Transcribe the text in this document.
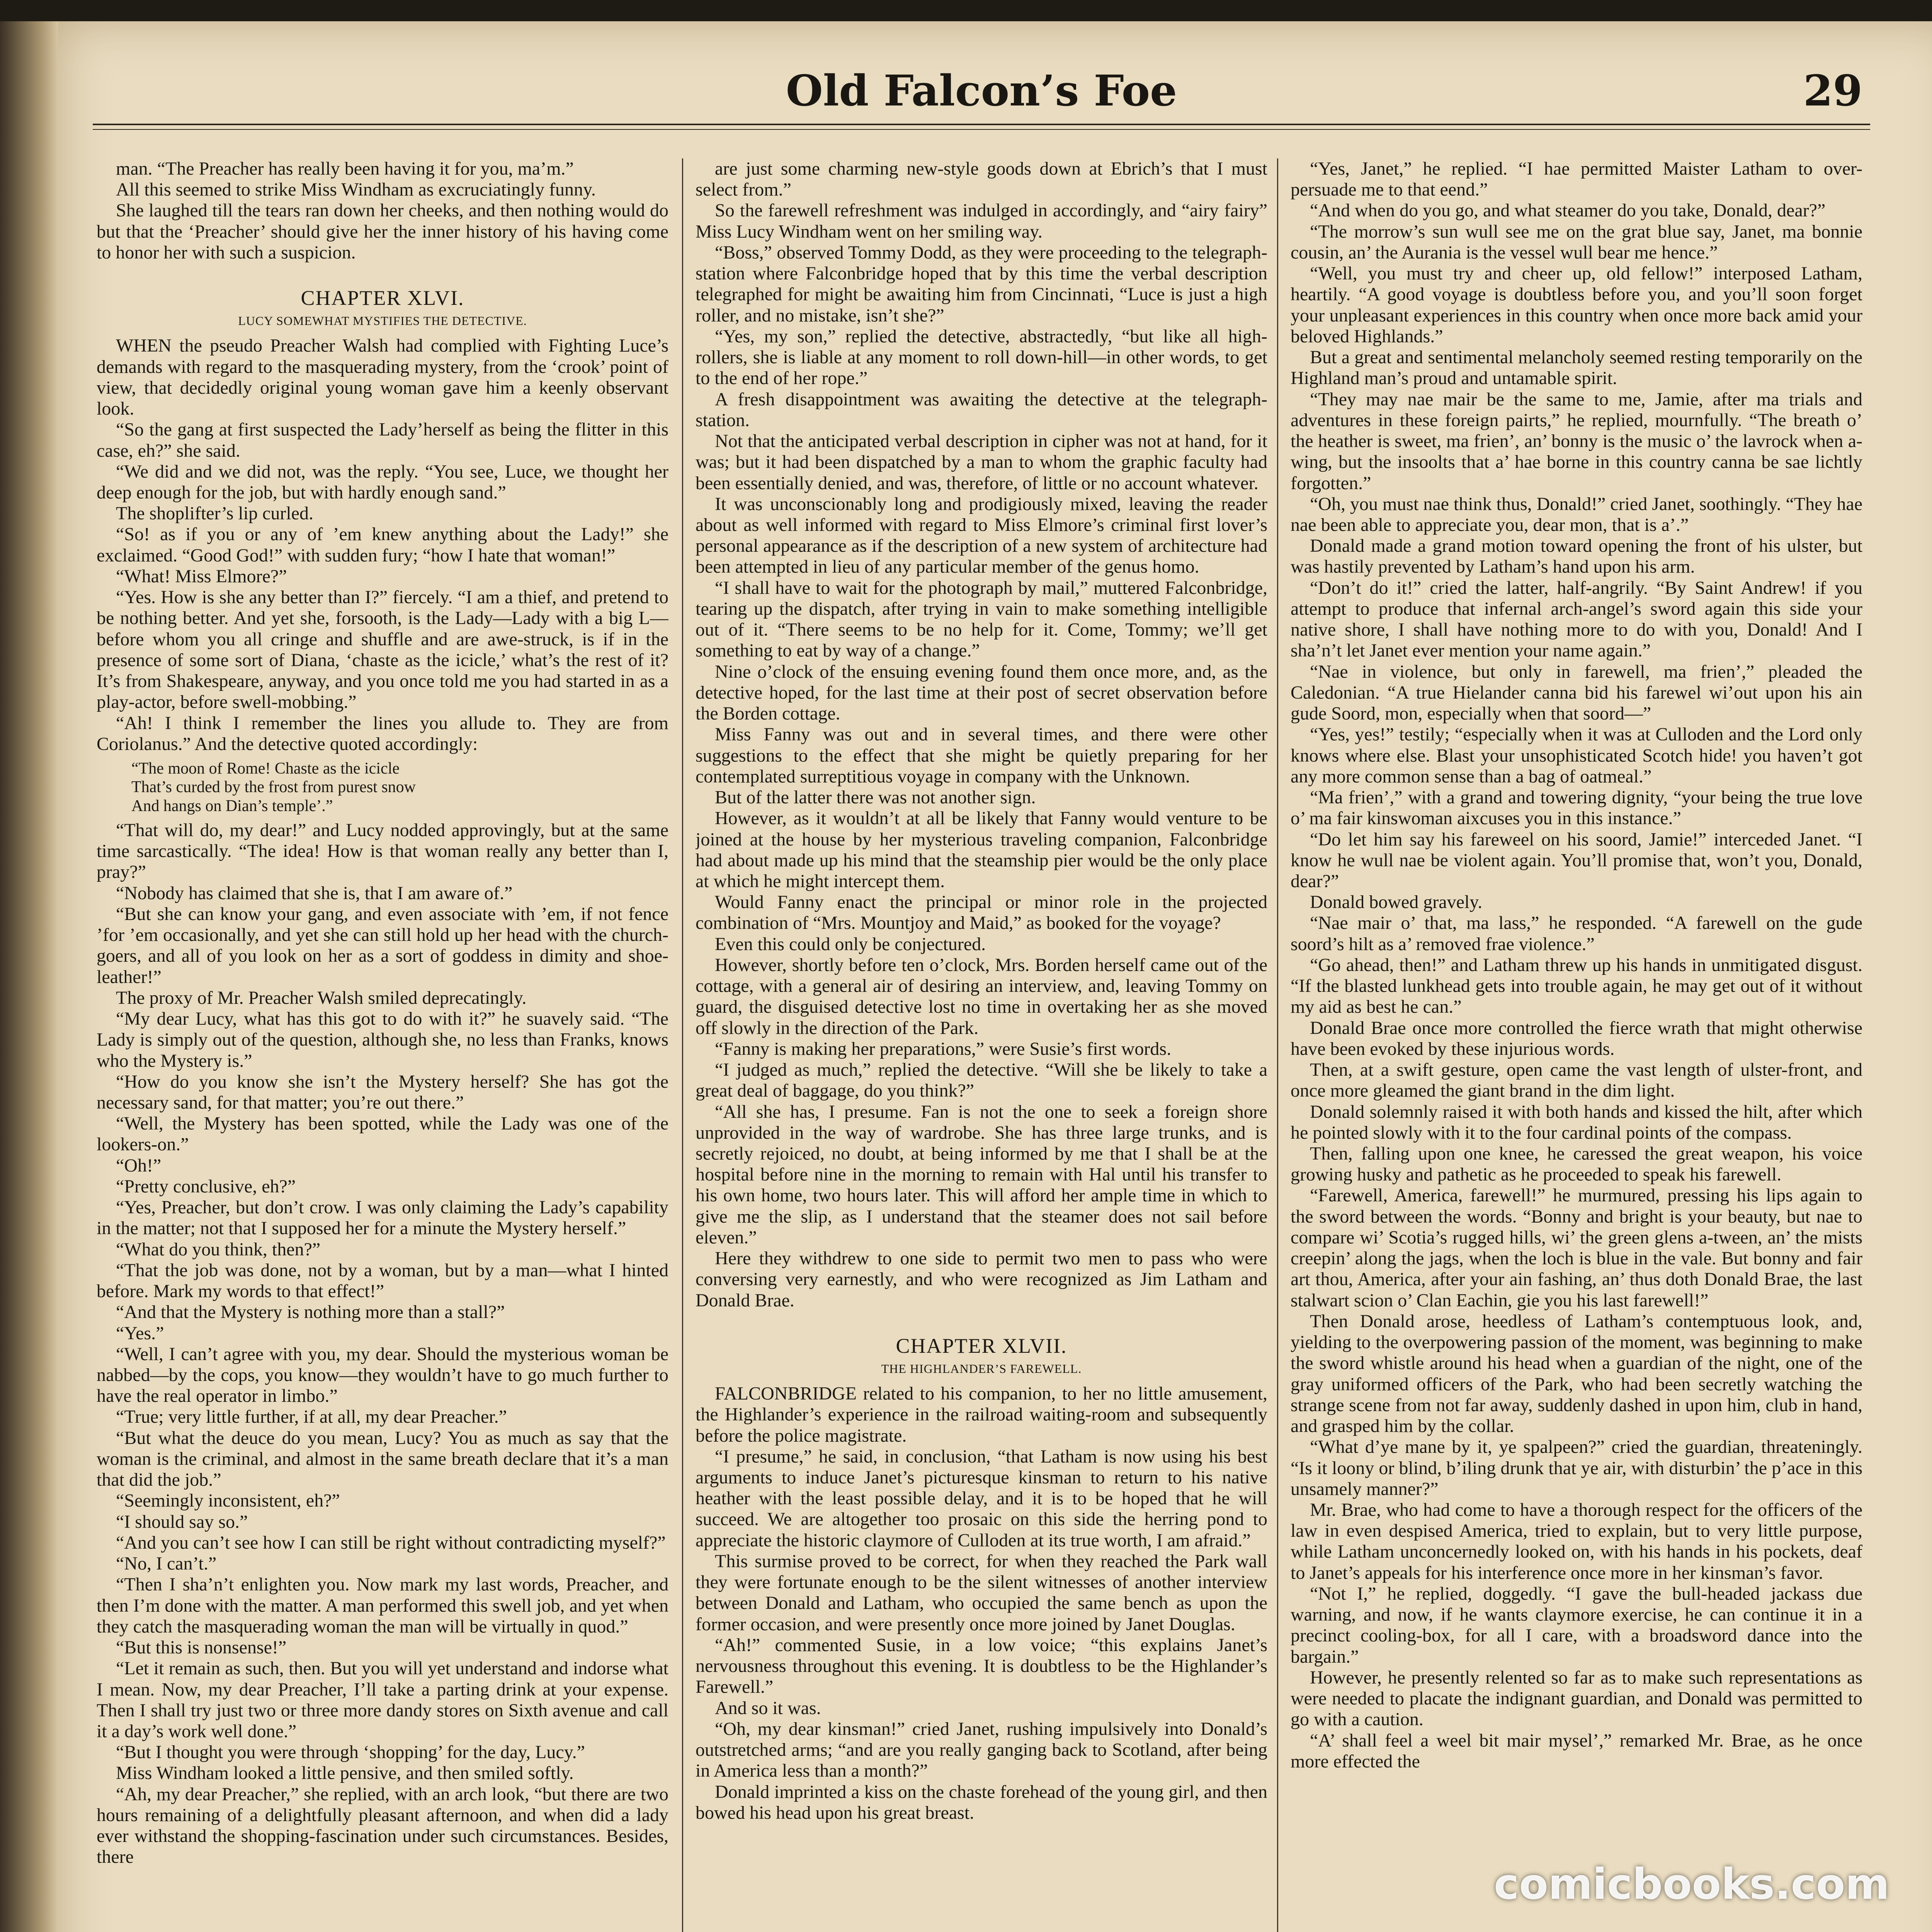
Old Falcon’s Foe	29

man. “The Preacher has really been having it for you, ma’m.”

All this seemed to strike Miss Windham as excruciatingly funny.

She laughed till the tears ran down her cheeks, and then nothing would do but that the ‘Preacher’ should give her the inner history of his having come to honor her with such a suspicion.

CHAPTER XLVI.
LUCY SOMEWHAT MYSTIFIES THE DETECTIVE.

WHEN the pseudo Preacher Walsh had complied with Fighting Luce’s demands with regard to the masquerading mystery, from the ‘crook’ point of view, that decidedly original young woman gave him a keenly observant look.

“So the gang at first suspected the Lady’herself as being the flitter in this case, eh?” she said.

“We did and we did not, was the reply. “You see, Luce, we thought her deep enough for the job, but with hardly enough sand.”

The shoplifter’s lip curled.

“So! as if you or any of ’em knew anything about the Lady!” she exclaimed. “Good God!” with sudden fury; “how I hate that woman!”

“What! Miss Elmore?”

“Yes. How is she any better than I?” fiercely. “I am a thief, and pretend to be nothing better. And yet she, forsooth, is the Lady—Lady with a big L—before whom you all cringe and shuffle and are awe-struck, is if in the presence of some sort of Diana, ‘chaste as the icicle,’ what’s the rest of it? It’s from Shakespeare, anyway, and you once told me you had started in as a play-actor, before swell-mobbing.”

“Ah! I think I remember the lines you allude to. They are from Coriolanus.” And the detective quoted accordingly:

“The moon of Rome! Chaste as the icicle
That’s curded by the frost from purest snow
And hangs on Dian’s temple’.”

“That will do, my dear!” and Lucy nodded approvingly, but at the same time sarcastically. “The idea! How is that woman really any better than I, pray?”

“Nobody has claimed that she is, that I am aware of.”

“But she can know your gang, and even associate with ’em, if not fence ’for ’em occasionally, and yet she can still hold up her head with the church-goers, and all of you look on her as a sort of goddess in dimity and shoe-leather!”

The proxy of Mr. Preacher Walsh smiled deprecatingly.

“My dear Lucy, what has this got to do with it?” he suavely said. “The Lady is simply out of the question, although she, no less than Franks, knows who the Mystery is.”

“How do you know she isn’t the Mystery herself? She has got the necessary sand, for that matter; you’re out there.”

“Well, the Mystery has been spotted, while the Lady was one of the lookers-on.”

“Oh!”

“Pretty conclusive, eh?”

“Yes, Preacher, but don’t crow. I was only claiming the Lady’s capability in the matter; not that I supposed her for a minute the Mystery herself.”

“What do you think, then?”

“That the job was done, not by a woman, but by a man—what I hinted before. Mark my words to that effect!”

“And that the Mystery is nothing more than a stall?”

“Yes.”

“Well, I can’t agree with you, my dear. Should the mysterious woman be nabbed—by the cops, you know—they wouldn’t have to go much further to have the real operator in limbo.”

“True; very little further, if at all, my dear Preacher.”

“But what the deuce do you mean, Lucy? You as much as say that the woman is the criminal, and almost in the same breath declare that it’s a man that did the job.”

“Seemingly inconsistent, eh?”

“I should say so.”

“And you can’t see how I can still be right without contradicting myself?”

“No, I can’t.”

“Then I sha’n’t enlighten you. Now mark my last words, Preacher, and then I’m done with the matter. A man performed this swell job, and yet when they catch the masquerading woman the man will be virtually in quod.”

“But this is nonsense!”

“Let it remain as such, then. But you will yet understand and indorse what I mean. Now, my dear Preacher, I’ll take a parting drink at your expense. Then I shall try just two or three more dandy stores on Sixth avenue and call it a day’s work well done.”

“But I thought you were through ‘shopping’ for the day, Lucy.”

Miss Windham looked a little pensive, and then smiled softly.

“Ah, my dear Preacher,” she replied, with an arch look, “but there are two hours remaining of a delightfully pleasant afternoon, and when did a lady ever withstand the shopping-fascination under such circumstances. Besides, there

are just some charming new-style goods down at Ebrich’s that I must select from.”

So the farewell refreshment was indulged in accordingly, and “airy fairy” Miss Lucy Windham went on her smiling way.

“Boss,” observed Tommy Dodd, as they were proceeding to the telegraph-station where Falconbridge hoped that by this time the verbal description telegraphed for might be awaiting him from Cincinnati, “Luce is just a high roller, and no mistake, isn’t she?”

“Yes, my son,” replied the detective, abstractedly, “but like all high-rollers, she is liable at any moment to roll down-hill—in other words, to get to the end of her rope.”

A fresh disappointment was awaiting the detective at the telegraph-station.

Not that the anticipated verbal description in cipher was not at hand, for it was; but it had been dispatched by a man to whom the graphic faculty had been essentially denied, and was, therefore, of little or no account whatever.

It was unconscionably long and prodigiously mixed, leaving the reader about as well informed with regard to Miss Elmore’s criminal first lover’s personal appearance as if the description of a new system of architecture had been attempted in lieu of any particular member of the genus homo.

“I shall have to wait for the photograph by mail,” muttered Falconbridge, tearing up the dispatch, after trying in vain to make something intelligible out of it. “There seems to be no help for it. Come, Tommy; we’ll get something to eat by way of a change.”

Nine o’clock of the ensuing evening found them once more, and, as the detective hoped, for the last time at their post of secret observation before the Borden cottage.

Miss Fanny was out and in several times, and there were other suggestions to the effect that she might be quietly preparing for her contemplated surreptitious voyage in company with the Unknown.

But of the latter there was not another sign.

However, as it wouldn’t at all be likely that Fanny would venture to be joined at the house by her mysterious traveling companion, Falconbridge had about made up his mind that the steamship pier would be the only place at which he might intercept them.

Would Fanny enact the principal or minor role in the projected combination of “Mrs. Mountjoy and Maid,” as booked for the voyage?

Even this could only be conjectured.

However, shortly before ten o’clock, Mrs. Borden herself came out of the cottage, with a general air of desiring an interview, and, leaving Tommy on guard, the disguised detective lost no time in overtaking her as she moved off slowly in the direction of the Park.

“Fanny is making her preparations,” were Susie’s first words.

“I judged as much,” replied the detective. “Will she be likely to take a great deal of baggage, do you think?”

“All she has, I presume. Fan is not the one to seek a foreign shore unprovided in the way of wardrobe. She has three large trunks, and is secretly rejoiced, no doubt, at being informed by me that I shall be at the hospital before nine in the morning to remain with Hal until his transfer to his own home, two hours later. This will afford her ample time in which to give me the slip, as I understand that the steamer does not sail before eleven.”

Here they withdrew to one side to permit two men to pass who were conversing very earnestly, and who were recognized as Jim Latham and Donald Brae.

CHAPTER XLVII.
THE HIGHLANDER’S FAREWELL.

FALCONBRIDGE related to his companion, to her no little amusement, the Highlander’s experience in the railroad waiting-room and subsequently before the police magistrate.

“I presume,” he said, in conclusion, “that Latham is now using his best arguments to induce Janet’s picturesque kinsman to return to his native heather with the least possible delay, and it is to be hoped that he will succeed. We are altogether too prosaic on this side the herring pond to appreciate the historic claymore of Culloden at its true worth, I am afraid.”

This surmise proved to be correct, for when they reached the Park wall they were fortunate enough to be the silent witnesses of another interview between Donald and Latham, who occupied the same bench as upon the former occasion, and were presently once more joined by Janet Douglas.

“Ah!” commented Susie, in a low voice; “this explains Janet’s nervousness throughout this evening. It is doubtless to be the Highlander’s Farewell.”

And so it was.

“Oh, my dear kinsman!” cried Janet, rushing impulsively into Donald’s outstretched arms; “and are you really ganging back to Scotland, after being in America less than a month?”

Donald imprinted a kiss on the chaste forehead of the young girl, and then bowed his head upon his great breast.

“Yes, Janet,” he replied. “I hae permitted Maister Latham to over-persuade me to that eend.”

“And when do you go, and what steamer do you take, Donald, dear?”

“The morrow’s sun wull see me on the grat blue say, Janet, ma bonnie cousin, an’ the Aurania is the vessel wull bear me hence.”

“Well, you must try and cheer up, old fellow!” interposed Latham, heartily. “A good voyage is doubtless before you, and you’ll soon forget your unpleasant experiences in this country when once more back amid your beloved Highlands.”

But a great and sentimental melancholy seemed resting temporarily on the Highland man’s proud and untamable spirit.

“They may nae mair be the same to me, Jamie, after ma trials and adventures in these foreign pairts,” he replied, mournfully. “The breath o’ the heather is sweet, ma frien’, an’ bonny is the music o’ the lavrock when a-wing, but the insoolts that a’ hae borne in this country canna be sae lichtly forgotten.”

“Oh, you must nae think thus, Donald!” cried Janet, soothingly. “They hae nae been able to appreciate you, dear mon, that is a’.”

Donald made a grand motion toward opening the front of his ulster, but was hastily prevented by Latham’s hand upon his arm.

“Don’t do it!” cried the latter, half-angrily. “By Saint Andrew! if you attempt to produce that infernal arch-angel’s sword again this side your native shore, I shall have nothing more to do with you, Donald! And I sha’n’t let Janet ever mention your name again.”

“Nae in violence, but only in farewell, ma frien’,” pleaded the Caledonian. “A true Hielander canna bid his farewel wi’out upon his ain gude Soord, mon, especially when that soord—”

“Yes, yes!” testily; “especially when it was at Culloden and the Lord only knows where else. Blast your unsophisticated Scotch hide! you haven’t got any more common sense than a bag of oatmeal.”

“Ma frien’,” with a grand and towering dignity, “your being the true love o’ ma fair kinswoman aixcuses you in this instance.”

“Do let him say his fareweel on his soord, Jamie!” interceded Janet. “I know he wull nae be violent again. You’ll promise that, won’t you, Donald, dear?”

Donald bowed gravely.

“Nae mair o’ that, ma lass,” he responded. “A farewell on the gude soord’s hilt as a’ removed frae violence.”

“Go ahead, then!” and Latham threw up his hands in unmitigated disgust. “If the blasted lunkhead gets into trouble again, he may get out of it without my aid as best he can.”

Donald Brae once more controlled the fierce wrath that might otherwise have been evoked by these injurious words.

Then, at a swift gesture, open came the vast length of ulster-front, and once more gleamed the giant brand in the dim light.

Donald solemnly raised it with both hands and kissed the hilt, after which he pointed slowly with it to the four cardinal points of the compass.

Then, falling upon one knee, he caressed the great weapon, his voice growing husky and pathetic as he proceeded to speak his farewell.

“Farewell, America, farewell!” he murmured, pressing his lips again to the sword between the words. “Bonny and bright is your beauty, but nae to compare wi’ Scotia’s rugged hills, wi’ the green glens a-tween, an’ the mists creepin’ along the jags, when the loch is blue in the vale. But bonny and fair art thou, America, after your ain fashing, an’ thus doth Donald Brae, the last stalwart scion o’ Clan Eachin, gie you his last farewell!”

Then Donald arose, heedless of Latham’s contemptuous look, and, yielding to the overpowering passion of the moment, was beginning to make the sword whistle around his head when a guardian of the night, one of the gray uniformed officers of the Park, who had been secretly watching the strange scene from not far away, suddenly dashed in upon him, club in hand, and grasped him by the collar.

“What d’ye mane by it, ye spalpeen?” cried the guardian, threateningly. “Is it loony or blind, b’iling drunk that ye air, with disturbin’ the p’ace in this unsamely manner?”

Mr. Brae, who had come to have a thorough respect for the officers of the law in even despised America, tried to explain, but to very little purpose, while Latham unconcernedly looked on, with his hands in his pockets, deaf to Janet’s appeals for his interference once more in her kinsman’s favor.

“Not I,” he replied, doggedly. “I gave the bull-headed jackass due warning, and now, if he wants claymore exercise, he can continue it in a precinct cooling-box, for all I care, with a broadsword dance into the bargain.”

However, he presently relented so far as to make such representations as were needed to placate the indignant guardian, and Donald was permitted to go with a caution.

“A’ shall feel a weel bit mair mysel’,” remarked Mr. Brae, as he once more effected the

comicbooks.com
